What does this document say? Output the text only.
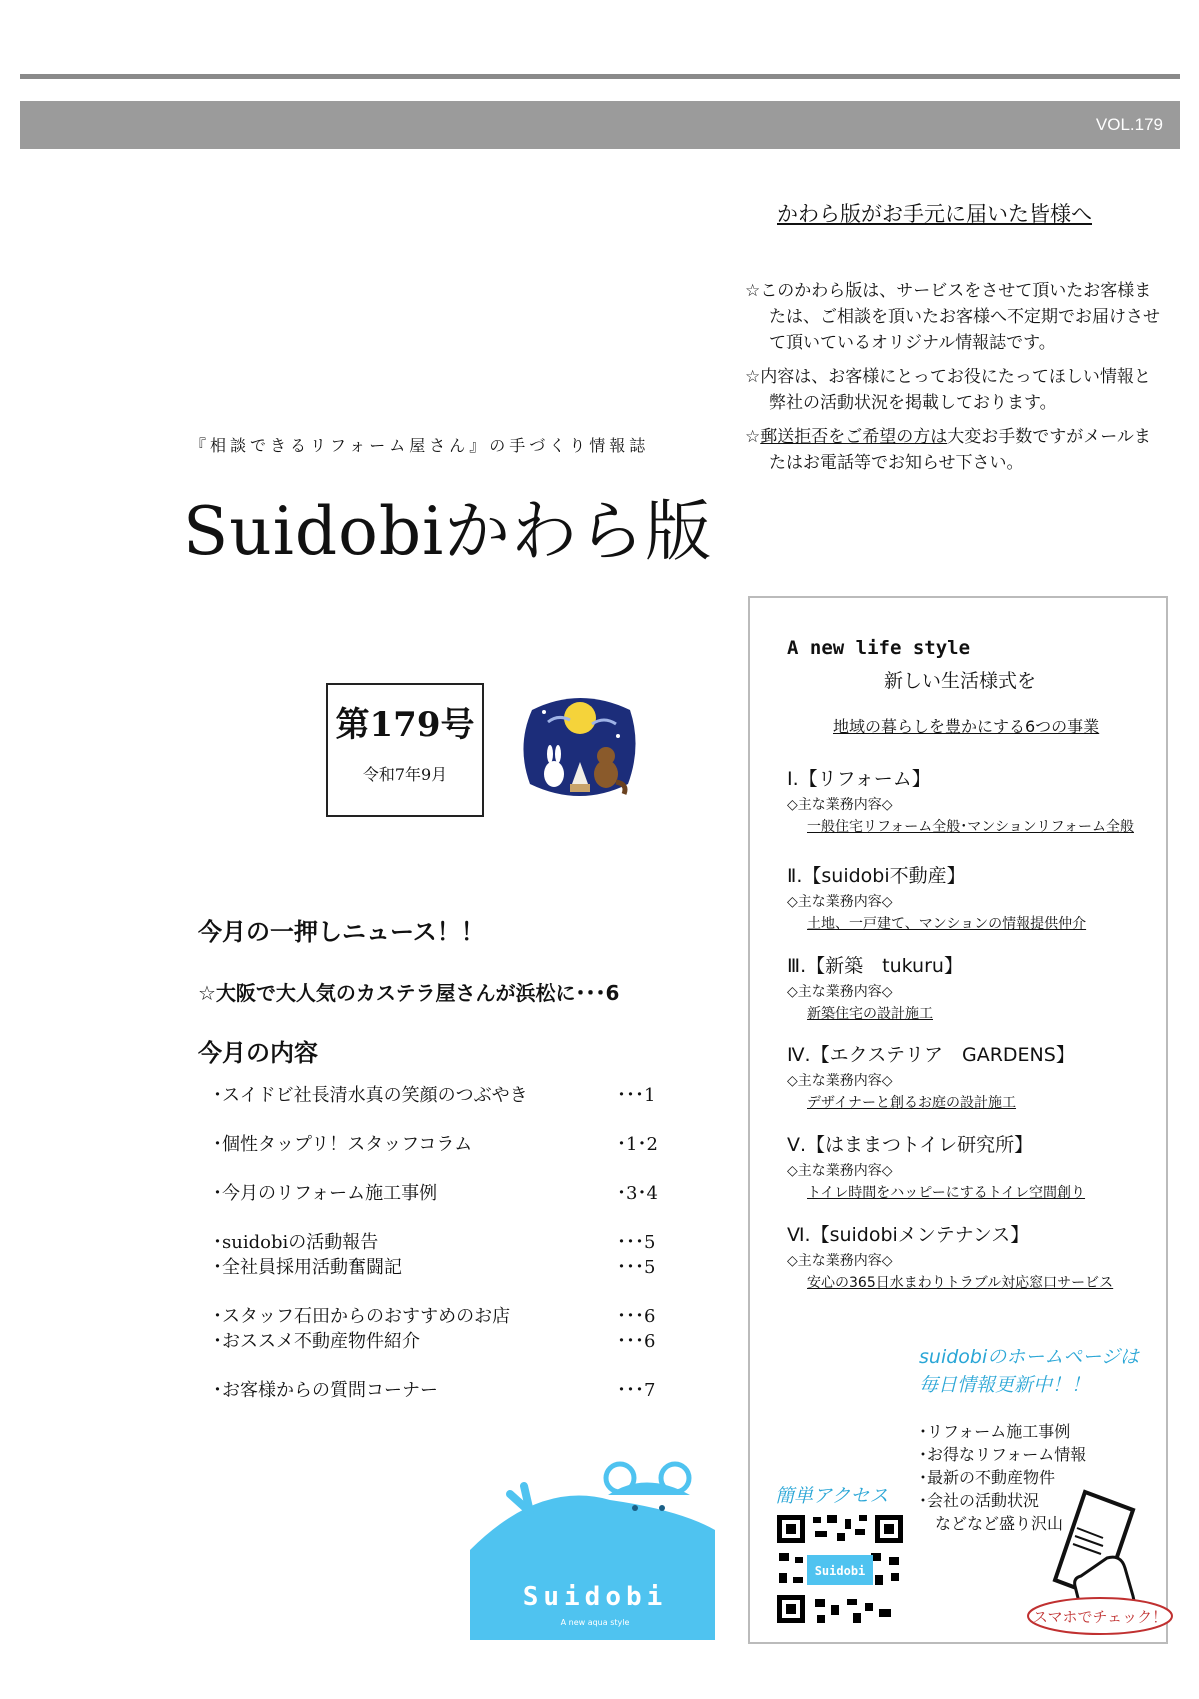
VOL.179
かわら版がお手元に届いた皆様へ
☆このかわら版は、サービスをさせて頂いたお客様または、ご相談を頂いたお客様へ不定期でお届けさせて頂いているオリジナル情報誌です。
☆内容は、お客様にとってお役にたってほしい情報と弊社の活動状況を掲載しております。
☆郵送拒否をご希望の方は大変お手数ですがメールまたはお電話等でお知らせ下さい。
『相談できるリフォーム屋さん』の手づくり情報誌
Suidobiかわら版
第179号
令和7年9月
今月の一押しニュース！！
☆大阪で大人気のカステラ屋さんが浜松に･･･6
今月の内容
･スイドビ社長清水真の笑顔のつぶやき	･･･1
･個性タップリ！スタッフコラム	･1･2
･今月のリフォーム施工事例	･3･4
･suidobiの活動報告	･･･5
･全社員採用活動奮闘記	･･･5
･スタッフ石田からのおすすめのお店	･･･6
･おススメ不動産物件紹介	･･･6
･お客様からの質問コーナー	･･･7
Suidobi
A new aqua style
A new life style
新しい生活様式を
地域の暮らしを豊かにする6つの事業
Ⅰ.【リフォーム】
◇主な業務内容◇
一般住宅リフォーム全般･マンションリフォーム全般
Ⅱ.【suidobi不動産】
◇主な業務内容◇
土地、一戸建て、マンションの情報提供仲介
Ⅲ.【新築　tukuru】
◇主な業務内容◇
新築住宅の設計施工
Ⅳ.【エクステリア　GARDENS】
◇主な業務内容◇
デザイナーと創るお庭の設計施工
Ⅴ.【はままつトイレ研究所】
◇主な業務内容◇
トイレ時間をハッピーにするトイレ空間創り
Ⅵ.【suidobiメンテナンス】
◇主な業務内容◇
安心の365日水まわりトラブル対応窓口サービス
suidobiのホームページは
毎日情報更新中！！
･リフォーム施工事例
･お得なリフォーム情報
･最新の不動産物件
･会社の活動状況
　などなど盛り沢山
簡単アクセス
Suidobi
スマホでチェック！
